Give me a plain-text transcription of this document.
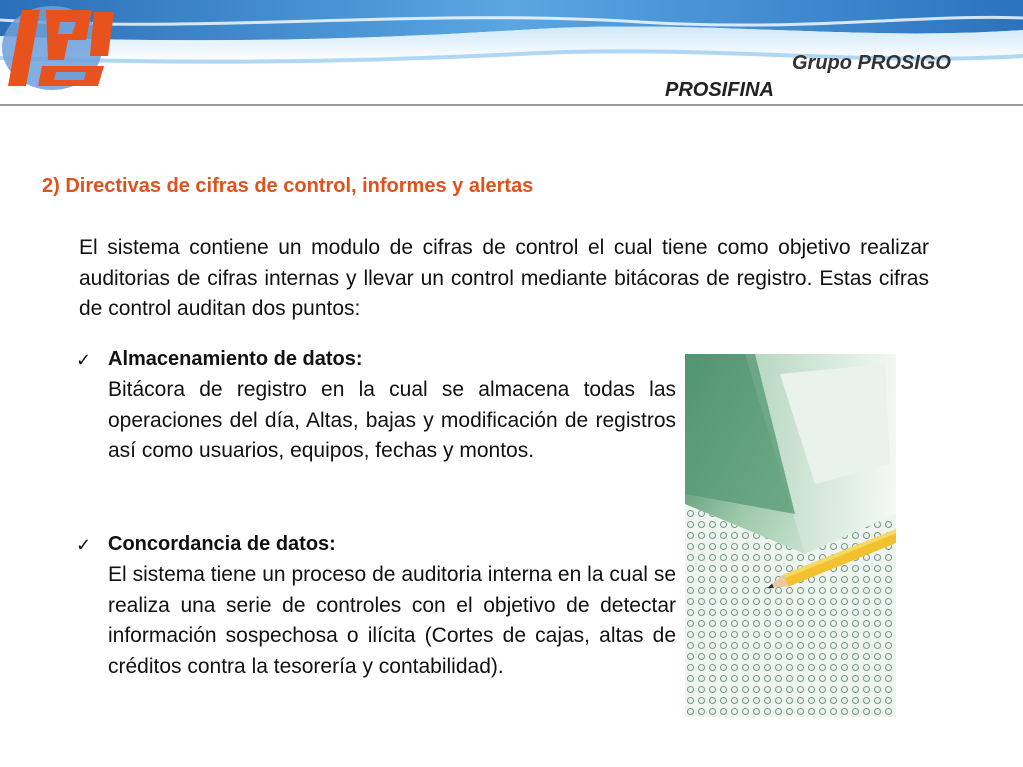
Grupo PROSIGO
PROSIFINA
2) Directivas de cifras de control, informes y alertas
El sistema contiene un modulo de cifras de control el cual tiene como objetivo realizar auditorias de cifras internas y llevar un control mediante bitácoras de registro. Estas cifras de control auditan dos puntos:
✓ Almacenamiento de datos:
Bitácora de registro en la cual se almacena todas las operaciones del día, Altas, bajas y modificación de registros así como usuarios, equipos, fechas y montos.
✓ Concordancia de datos:
El sistema tiene un proceso de auditoria interna en la cual se realiza una serie de controles con el objetivo de detectar información sospechosa o ilícita (Cortes de cajas, altas de créditos contra la tesorería y contabilidad).
